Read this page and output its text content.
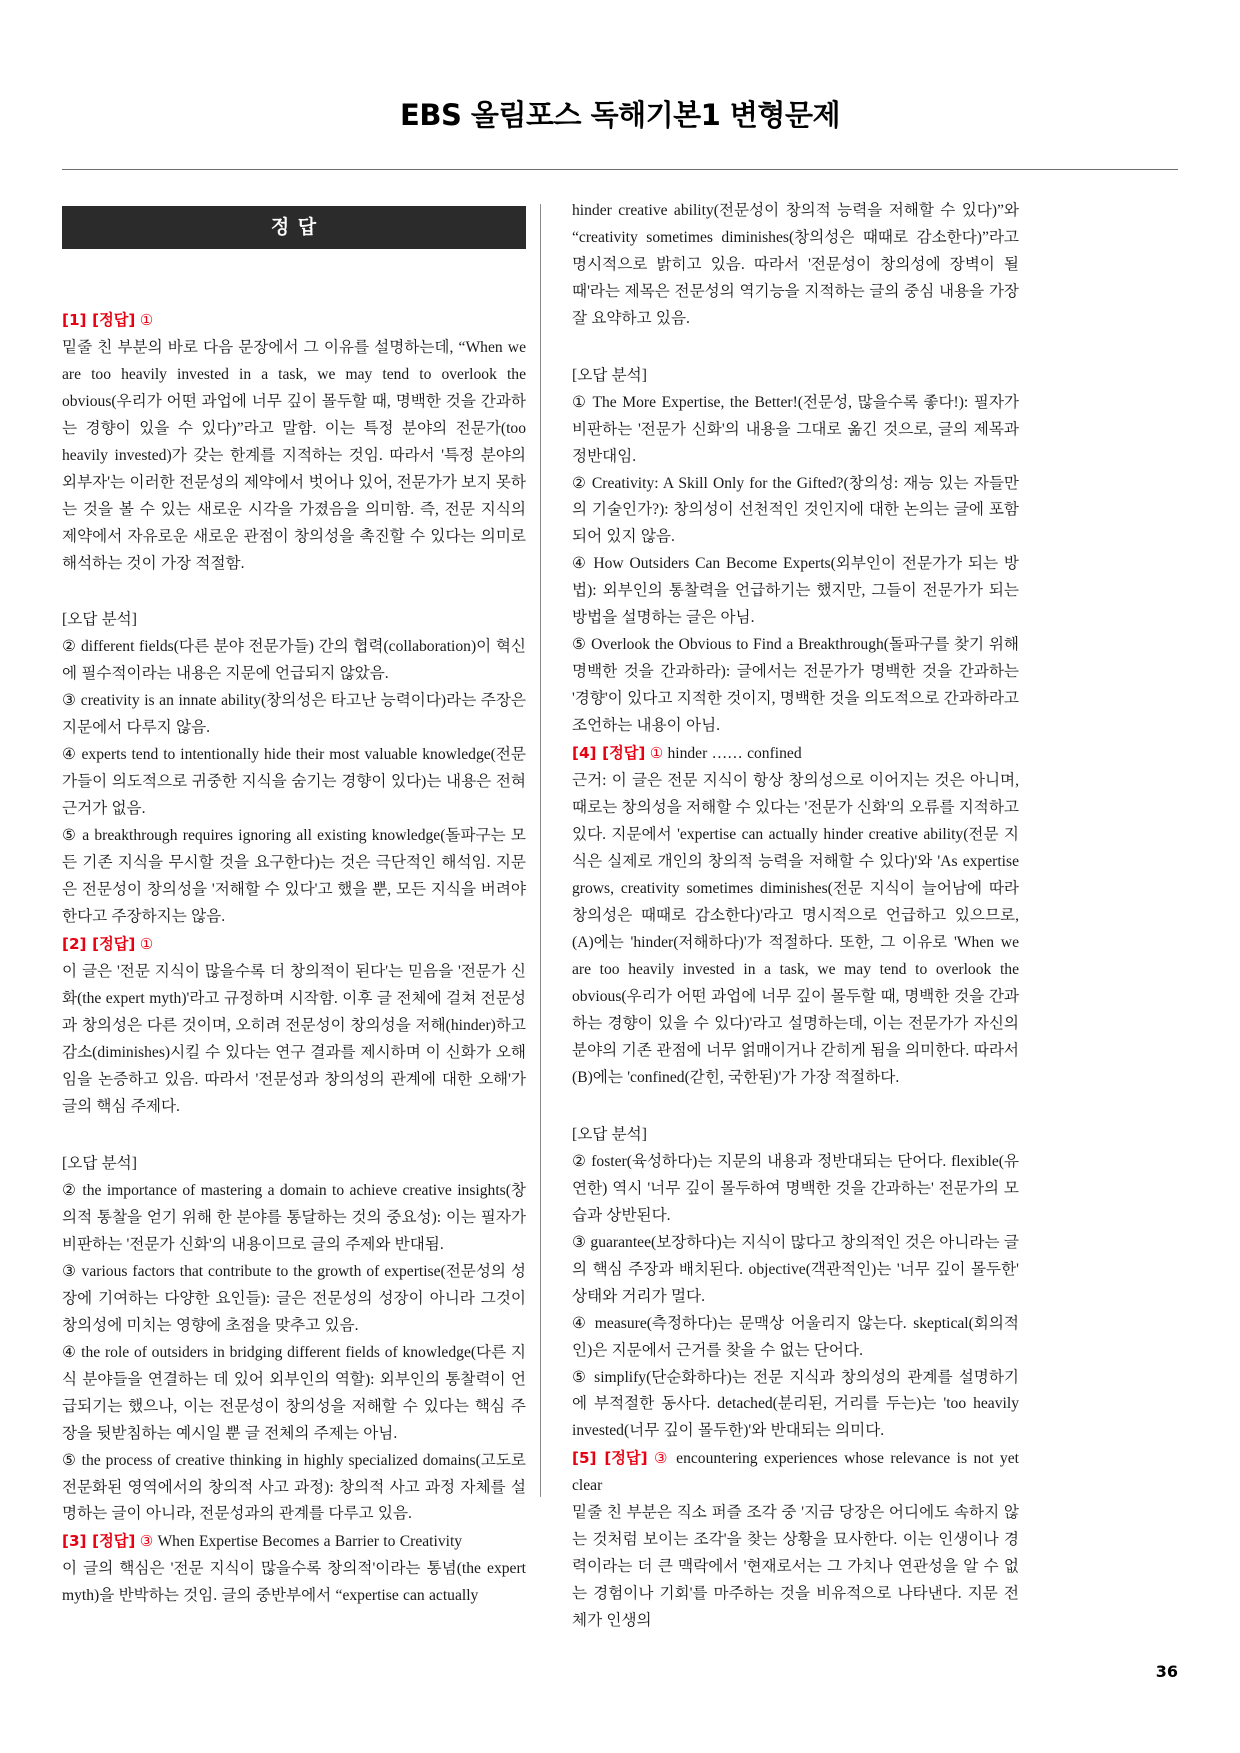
EBS 올림포스 독해기본1 변형문제
정 답

[1] [정답] ①

밑줄 친 부분의 바로 다음 문장에서 그 이유를 설명하는데, “When we are too heavily invested in a task, we may tend to overlook the obvious(우리가 어떤 과업에 너무 깊이 몰두할 때, 명백한 것을 간과하는 경향이 있을 수 있다)”라고 말함. 이는 특정 분야의 전문가(too heavily invested)가 갖는 한계를 지적하는 것임. 따라서 '특정 분야의 외부자'는 이러한 전문성의 제약에서 벗어나 있어, 전문가가 보지 못하는 것을 볼 수 있는 새로운 시각을 가졌음을 의미함. 즉, 전문 지식의 제약에서 자유로운 새로운 관점이 창의성을 촉진할 수 있다는 의미로 해석하는 것이 가장 적절함.

[오답 분석]

② different fields(다른 분야 전문가들) 간의 협력(collaboration)이 혁신에 필수적이라는 내용은 지문에 언급되지 않았음.

③ creativity is an innate ability(창의성은 타고난 능력이다)라는 주장은 지문에서 다루지 않음.

④ experts tend to intentionally hide their most valuable knowledge(전문가들이 의도적으로 귀중한 지식을 숨기는 경향이 있다)는 내용은 전혀 근거가 없음.

⑤ a breakthrough requires ignoring all existing knowledge(돌파구는 모든 기존 지식을 무시할 것을 요구한다)는 것은 극단적인 해석임. 지문은 전문성이 창의성을 '저해할 수 있다'고 했을 뿐, 모든 지식을 버려야 한다고 주장하지는 않음.

[2] [정답] ①

이 글은 '전문 지식이 많을수록 더 창의적이 된다'는 믿음을 '전문가 신화(the expert myth)'라고 규정하며 시작함. 이후 글 전체에 걸쳐 전문성과 창의성은 다른 것이며, 오히려 전문성이 창의성을 저해(hinder)하고 감소(diminishes)시킬 수 있다는 연구 결과를 제시하며 이 신화가 오해임을 논증하고 있음. 따라서 '전문성과 창의성의 관계에 대한 오해'가 글의 핵심 주제다.

[오답 분석]

② the importance of mastering a domain to achieve creative insights(창의적 통찰을 얻기 위해 한 분야를 통달하는 것의 중요성): 이는 필자가 비판하는 '전문가 신화'의 내용이므로 글의 주제와 반대됨.

③ various factors that contribute to the growth of expertise(전문성의 성장에 기여하는 다양한 요인들): 글은 전문성의 성장이 아니라 그것이 창의성에 미치는 영향에 초점을 맞추고 있음.

④ the role of outsiders in bridging different fields of knowledge(다른 지식 분야들을 연결하는 데 있어 외부인의 역할): 외부인의 통찰력이 언급되기는 했으나, 이는 전문성이 창의성을 저해할 수 있다는 핵심 주장을 뒷받침하는 예시일 뿐 글 전체의 주제는 아님.

⑤ the process of creative thinking in highly specialized domains(고도로 전문화된 영역에서의 창의적 사고 과정): 창의적 사고 과정 자체를 설명하는 글이 아니라, 전문성과의 관계를 다루고 있음.

[3] [정답] ③ When Expertise Becomes a Barrier to Creativity

이 글의 핵심은 '전문 지식이 많을수록 창의적'이라는 통념(the expert myth)을 반박하는 것임. 글의 중반부에서 “expertise can actually

hinder creative ability(전문성이 창의적 능력을 저해할 수 있다)”와 “creativity sometimes diminishes(창의성은 때때로 감소한다)”라고 명시적으로 밝히고 있음. 따라서 '전문성이 창의성에 장벽이 될 때'라는 제목은 전문성의 역기능을 지적하는 글의 중심 내용을 가장 잘 요약하고 있음.

[오답 분석]

① The More Expertise, the Better!(전문성, 많을수록 좋다!): 필자가 비판하는 '전문가 신화'의 내용을 그대로 옮긴 것으로, 글의 제목과 정반대임.

② Creativity: A Skill Only for the Gifted?(창의성: 재능 있는 자들만의 기술인가?): 창의성이 선천적인 것인지에 대한 논의는 글에 포함되어 있지 않음.

④ How Outsiders Can Become Experts(외부인이 전문가가 되는 방법): 외부인의 통찰력을 언급하기는 했지만, 그들이 전문가가 되는 방법을 설명하는 글은 아님.

⑤ Overlook the Obvious to Find a Breakthrough(돌파구를 찾기 위해 명백한 것을 간과하라): 글에서는 전문가가 명백한 것을 간과하는 '경향'이 있다고 지적한 것이지, 명백한 것을 의도적으로 간과하라고 조언하는 내용이 아님.

[4] [정답] ① hinder …… confined

근거: 이 글은 전문 지식이 항상 창의성으로 이어지는 것은 아니며, 때로는 창의성을 저해할 수 있다는 '전문가 신화'의 오류를 지적하고 있다. 지문에서 'expertise can actually hinder creative ability(전문 지식은 실제로 개인의 창의적 능력을 저해할 수 있다)'와 'As expertise grows, creativity sometimes diminishes(전문 지식이 늘어남에 따라 창의성은 때때로 감소한다)'라고 명시적으로 언급하고 있으므로, (A)에는 'hinder(저해하다)'가 적절하다. 또한, 그 이유로 'When we are too heavily invested in a task, we may tend to overlook the obvious(우리가 어떤 과업에 너무 깊이 몰두할 때, 명백한 것을 간과하는 경향이 있을 수 있다)'라고 설명하는데, 이는 전문가가 자신의 분야의 기존 관점에 너무 얽매이거나 갇히게 됨을 의미한다. 따라서 (B)에는 'confined(갇힌, 국한된)'가 가장 적절하다.

[오답 분석]

② foster(육성하다)는 지문의 내용과 정반대되는 단어다. flexible(유연한) 역시 '너무 깊이 몰두하여 명백한 것을 간과하는' 전문가의 모습과 상반된다.

③ guarantee(보장하다)는 지식이 많다고 창의적인 것은 아니라는 글의 핵심 주장과 배치된다. objective(객관적인)는 '너무 깊이 몰두한' 상태와 거리가 멀다.

④ measure(측정하다)는 문맥상 어울리지 않는다. skeptical(회의적인)은 지문에서 근거를 찾을 수 없는 단어다.

⑤ simplify(단순화하다)는 전문 지식과 창의성의 관계를 설명하기에 부적절한 동사다. detached(분리된, 거리를 두는)는 'too heavily invested(너무 깊이 몰두한)'와 반대되는 의미다.

[5] [정답] ③ encountering experiences whose relevance is not yet clear

밑줄 친 부분은 직소 퍼즐 조각 중 '지금 당장은 어디에도 속하지 않는 것처럼 보이는 조각'을 찾는 상황을 묘사한다. 이는 인생이나 경력이라는 더 큰 맥락에서 '현재로서는 그 가치나 연관성을 알 수 없는 경험이나 기회'를 마주하는 것을 비유적으로 나타낸다. 지문 전체가 인생의

36
